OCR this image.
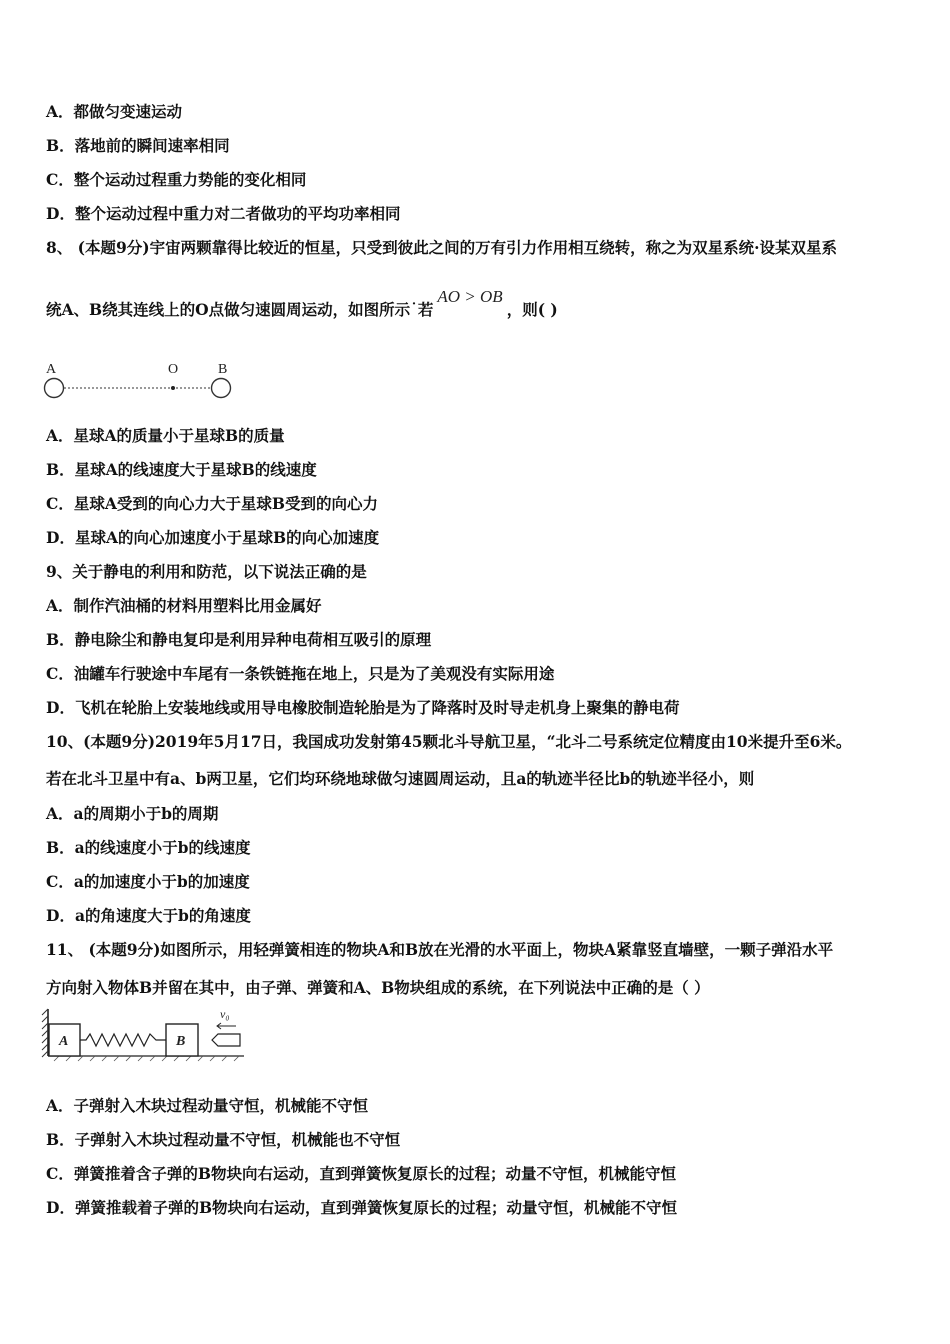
A．都做匀变速运动
B．落地前的瞬间速率相同
C．整个运动过程重力势能的变化相同
D．整个运动过程中重力对二者做功的平均功率相同
8、 (本题9分)宇宙两颗靠得比较近的恒星，只受到彼此之间的万有引力作用相互绕转，称之为双星系统·设某双星系
统A、B绕其连线上的O点做匀速圆周运动，如图所示˙若AO > OB，则( )
A	O	B
A．星球A的质量小于星球B的质量
B．星球A的线速度大于星球B的线速度
C．星球A受到的向心力大于星球B受到的向心力
D．星球A的向心加速度小于星球B的向心加速度
9、关于静电的利用和防范，以下说法正确的是
A．制作汽油桶的材料用塑料比用金属好
B．静电除尘和静电复印是利用异种电荷相互吸引的原理
C．油罐车行驶途中车尾有一条铁链拖在地上，只是为了美观没有实际用途
D．飞机在轮胎上安装地线或用导电橡胶制造轮胎是为了降落时及时导走机身上聚集的静电荷
10、(本题9分)2019年5月17日，我国成功发射第45颗北斗导航卫星，“北斗二号系统定位精度由10米提升至6米。
若在北斗卫星中有a、b两卫星，它们均环绕地球做匀速圆周运动，且a的轨迹半径比b的轨迹半径小，则
A．a的周期小于b的周期
B．a的线速度小于b的线速度
C．a的加速度小于b的加速度
D．a的角速度大于b的角速度
11、 (本题9分)如图所示，用轻弹簧相连的物块A和B放在光滑的水平面上，物块A紧靠竖直墙壁，一颗子弹沿水平
方向射入物体B并留在其中，由子弹、弹簧和A、B物块组成的系统，在下列说法中正确的是（ ）
A	B
v₀
A．子弹射入木块过程动量守恒，机械能不守恒
B．子弹射入木块过程动量不守恒，机械能也不守恒
C．弹簧推着含子弹的B物块向右运动，直到弹簧恢复原长的过程；动量不守恒，机械能守恒
D．弹簧推载着子弹的B物块向右运动，直到弹簧恢复原长的过程；动量守恒，机械能不守恒
